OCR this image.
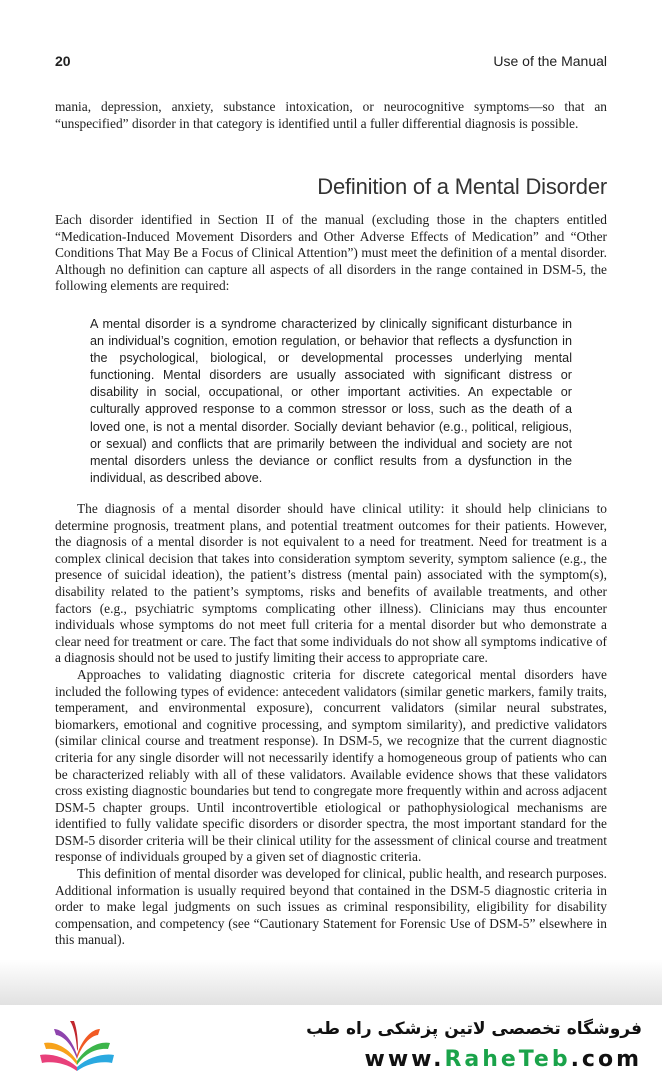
20	Use of the Manual

mania, depression, anxiety, substance intoxication, or neurocognitive symptoms—so that an “unspecified” disorder in that category is identified until a fuller differential diagnosis is possible.

Definition of a Mental Disorder

Each disorder identified in Section II of the manual (excluding those in the chapters entitled “Medication-Induced Movement Disorders and Other Adverse Effects of Medication” and “Other Conditions That May Be a Focus of Clinical Attention”) must meet the definition of a mental disorder. Although no definition can capture all aspects of all disorders in the range contained in DSM-5, the following elements are required:

A mental disorder is a syndrome characterized by clinically significant disturbance in an individual’s cognition, emotion regulation, or behavior that reflects a dysfunction in the psychological, biological, or developmental processes underlying mental functioning. Mental disorders are usually associated with significant distress or disability in social, occupational, or other important activities. An expectable or culturally approved response to a common stressor or loss, such as the death of a loved one, is not a mental disorder. Socially deviant behavior (e.g., political, religious, or sexual) and conflicts that are primarily between the individual and society are not mental disorders unless the deviance or conflict results from a dysfunction in the individual, as described above.

The diagnosis of a mental disorder should have clinical utility: it should help clinicians to determine prognosis, treatment plans, and potential treatment outcomes for their patients. However, the diagnosis of a mental disorder is not equivalent to a need for treatment. Need for treatment is a complex clinical decision that takes into consideration symptom severity, symptom salience (e.g., the presence of suicidal ideation), the patient’s distress (mental pain) associated with the symptom(s), disability related to the patient’s symptoms, risks and benefits of available treatments, and other factors (e.g., psychiatric symptoms complicating other illness). Clinicians may thus encounter individuals whose symptoms do not meet full criteria for a mental disorder but who demonstrate a clear need for treatment or care. The fact that some individuals do not show all symptoms indicative of a diagnosis should not be used to justify limiting their access to appropriate care.

Approaches to validating diagnostic criteria for discrete categorical mental disorders have included the following types of evidence: antecedent validators (similar genetic markers, family traits, temperament, and environmental exposure), concurrent validators (similar neural substrates, biomarkers, emotional and cognitive processing, and symptom similarity), and predictive validators (similar clinical course and treatment response). In DSM-5, we recognize that the current diagnostic criteria for any single disorder will not necessarily identify a homogeneous group of patients who can be characterized reliably with all of these validators. Available evidence shows that these validators cross existing diagnostic boundaries but tend to congregate more frequently within and across adjacent DSM-5 chapter groups. Until incontrovertible etiological or pathophysiological mechanisms are identified to fully validate specific disorders or disorder spectra, the most important standard for the DSM-5 disorder criteria will be their clinical utility for the assessment of clinical course and treatment response of individuals grouped by a given set of diagnostic criteria.

This definition of mental disorder was developed for clinical, public health, and research purposes. Additional information is usually required beyond that contained in the DSM-5 diagnostic criteria in order to make legal judgments on such issues as criminal responsibility, eligibility for disability compensation, and competency (see “Cautionary Statement for Forensic Use of DSM-5” elsewhere in this manual).

فروشگاه تخصصی لاتین پزشکی راه طب
www.RaheTeb.com
